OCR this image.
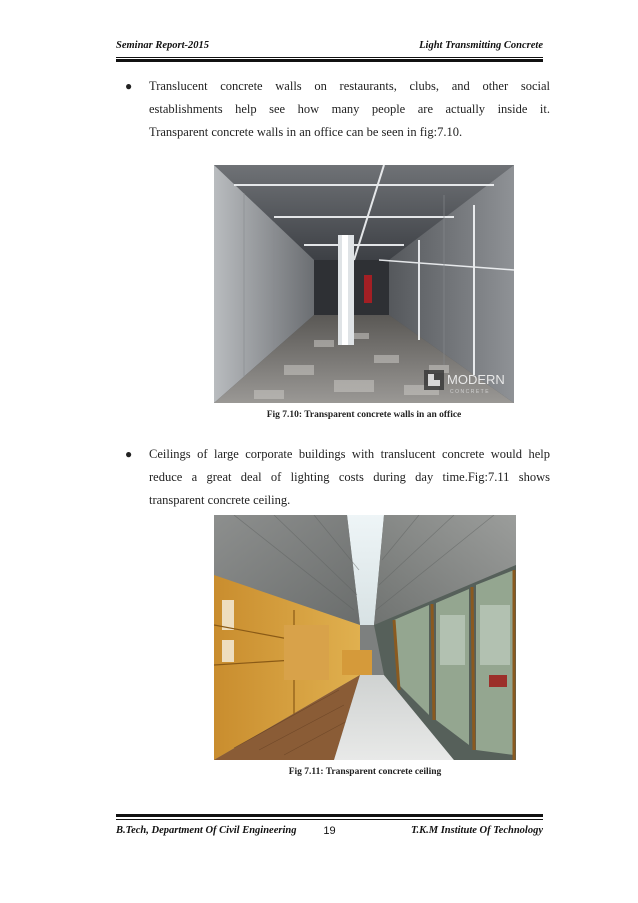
Seminar Report-2015	Light Transmitting Concrete
● Translucent concrete walls on restaurants, clubs, and other social
establishments help see how many people are actually inside it.
Transparent concrete walls in an office can be seen in fig:7.10.
MODERN
CONCRETE
Fig 7.10: Transparent concrete walls in an office
● Ceilings of large corporate buildings with translucent concrete would help
reduce a great deal of lighting costs during day time.Fig:7.11 shows
transparent concrete ceiling.
Fig 7.11: Transparent concrete ceiling
B.Tech, Department Of Civil Engineering 19	T.K.M Institute Of Technology
